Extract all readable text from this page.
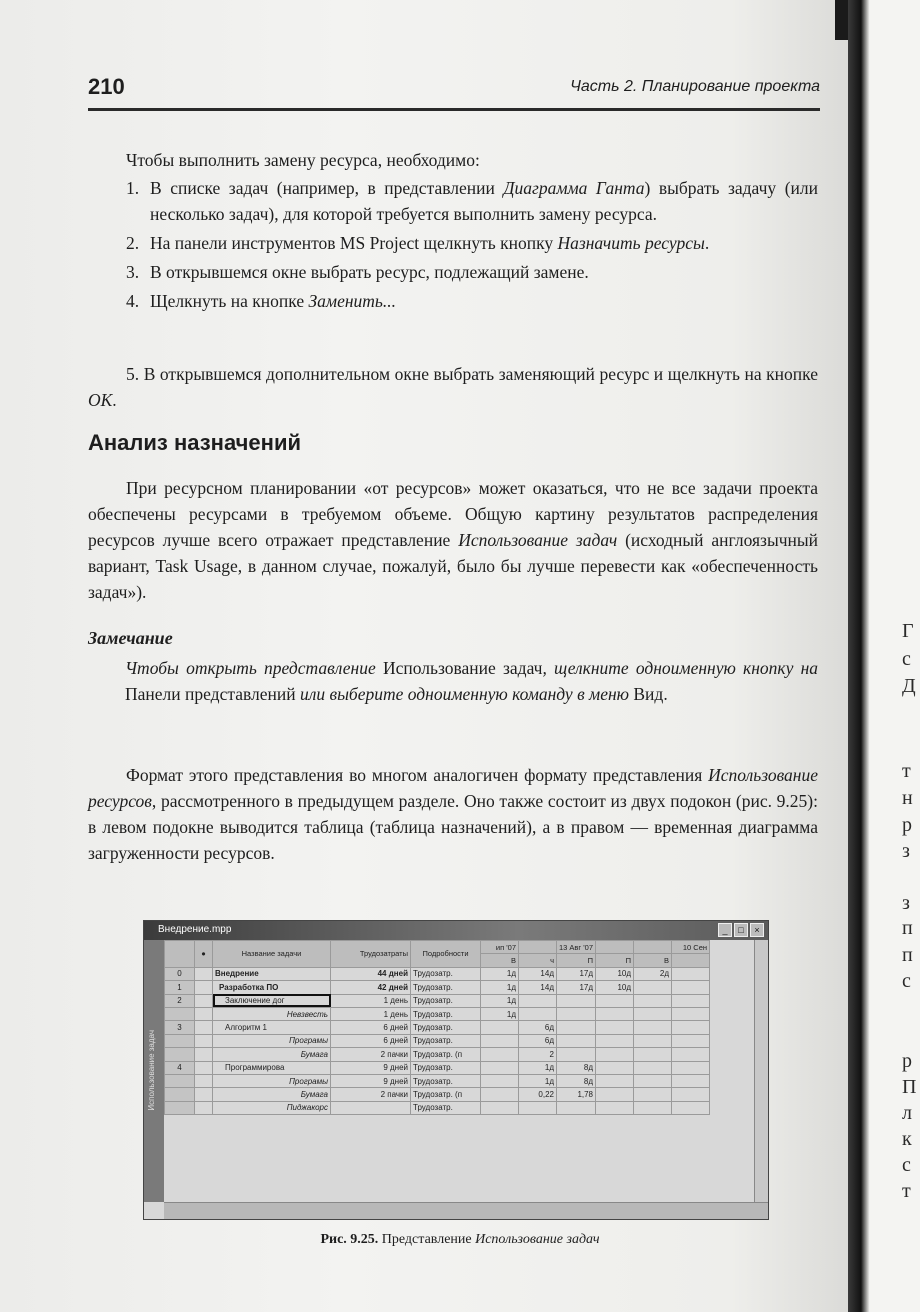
Г
с
Д
т
н
р
з
з
п
п
с
р
П
л
к
с
т
210	Часть 2. Планирование проекта

Чтобы выполнить замену ресурса, необходимо:

1. В списке задач (например, в представлении Диаграмма Ганта) выбрать задачу (или несколько задач), для которой требуется выполнить замену ресурса.
2. На панели инструментов MS Project щелкнуть кнопку Назначить ресурсы.
3. В открывшемся окне выбрать ресурс, подлежащий замене.
4. Щелкнуть на кнопке Заменить...

5. В открывшемся дополнительном окне выбрать заменяющий ресурс и щелкнуть на кнопке ОК.

Анализ назначений

При ресурсном планировании «от ресурсов» может оказаться, что не все задачи проекта обеспечены ресурсами в требуемом объеме. Общую картину результатов распределения ресурсов лучше всего отражает представление Использование задач (исходный англоязычный вариант, Task Usage, в данном случае, пожалуй, было бы лучше перевести как «обеспеченность задач»).

Замечание

Чтобы открыть представление Использование задач, щелкните одноименную кнопку на Панели представлений или выберите одноименную команду в меню Вид.

Формат этого представления во многом аналогичен формату представления Использование ресурсов, рассмотренного в предыдущем разделе. Оно также состоит из двух подокон (рис. 9.25): в левом подокне выводится таблица (таблица назначений), а в правом — временная диаграмма загруженности ресурсов.

Внедрение.mpp	_	□	×
Использование задач
	●	Название задачи	Трудозатраты	Подробности	ип '07		13 Авг '07			10 Сен
					В	ч	П	П	В	
0		Внедрение	44 дней	Трудозатр.	1д	14д	17д	10д	2д	
1		Разработка ПО	42 дней	Трудозатр.	1д	14д	17д	10д		
2		Заключение дог	1 день	Трудозатр.	1д					
		Невзвесть	1 день	Трудозатр.	1д					
3		Алгоритм 1	6 дней	Трудозатр.		6д				
		Програмы	6 дней	Трудозатр.		6д				
		Бумага	2 пачки	Трудозатр. (п		2				
4		Программирова	9 дней	Трудозатр.		1д	8д			
		Програмы	9 дней	Трудозатр.		1д	8д			
		Бумага	2 пачки	Трудозатр. (п		0,22	1,78			
		Пиджакорс		Трудозатр.						

Рис. 9.25. Представление Использование задач
